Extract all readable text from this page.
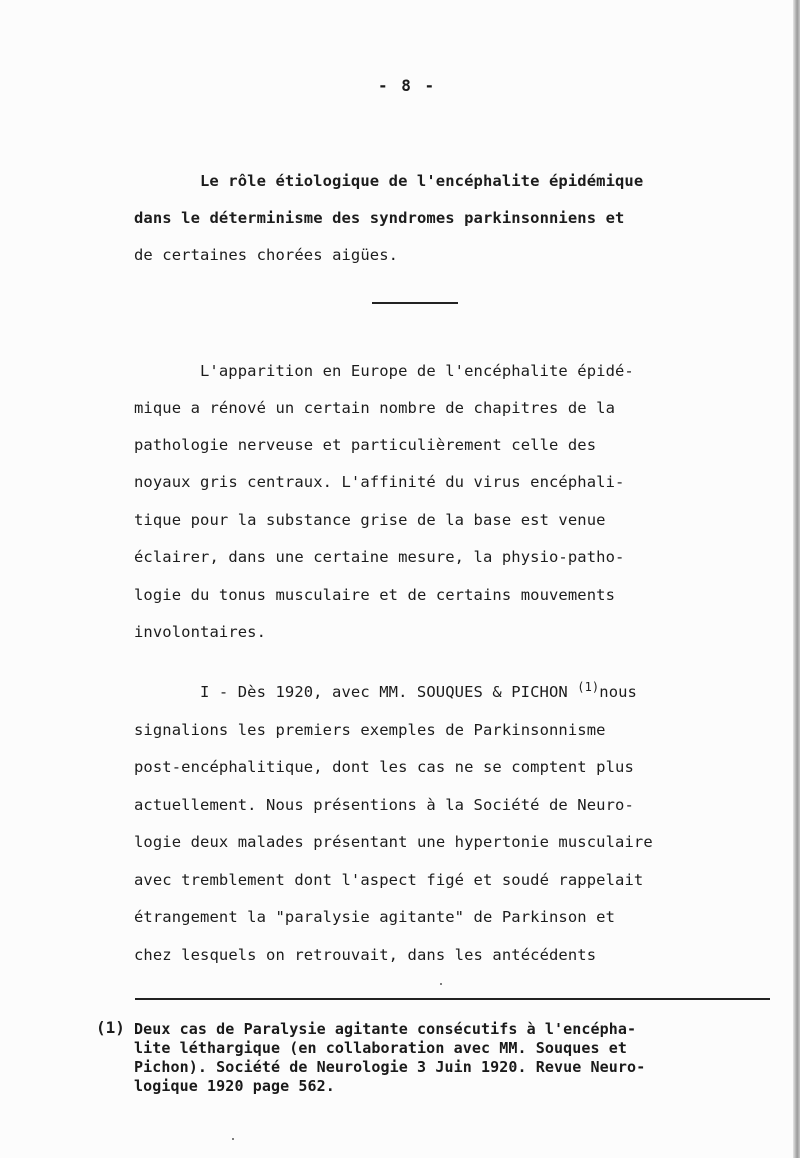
- 8 -
Le rôle étiologique de l'encéphalite épidémique
dans le déterminisme des syndromes parkinsonniens et
de certaines chorées aigües.
L'apparition en Europe de l'encéphalite épidé-
mique a rénové un certain nombre de chapitres de la
pathologie nerveuse et particulièrement celle des
noyaux gris centraux. L'affinité du virus encéphali-
tique pour la substance grise de la base est venue
éclairer, dans une certaine mesure, la physio-patho-
logie du tonus musculaire et de certains mouvements
involontaires.
I - Dès 1920, avec MM. SOUQUES & PICHON $^{(1)}$nous
signalions les premiers exemples de Parkinsonnisme
post-encéphalitique, dont les cas ne se comptent plus
actuellement. Nous présentions à la Société de Neuro-
logie deux malades présentant une hypertonie musculaire
avec tremblement dont l'aspect figé et soudé rappelait
étrangement la "paralysie agitante" de Parkinson et
chez lesquels on retrouvait, dans les antécédents
(1) Deux cas de Paralysie agitante consécutifs à l'encépha-
lite léthargique (en collaboration avec MM. Souques et
Pichon). Société de Neurologie 3 Juin 1920. Revue Neuro-
logique 1920 page 562.
